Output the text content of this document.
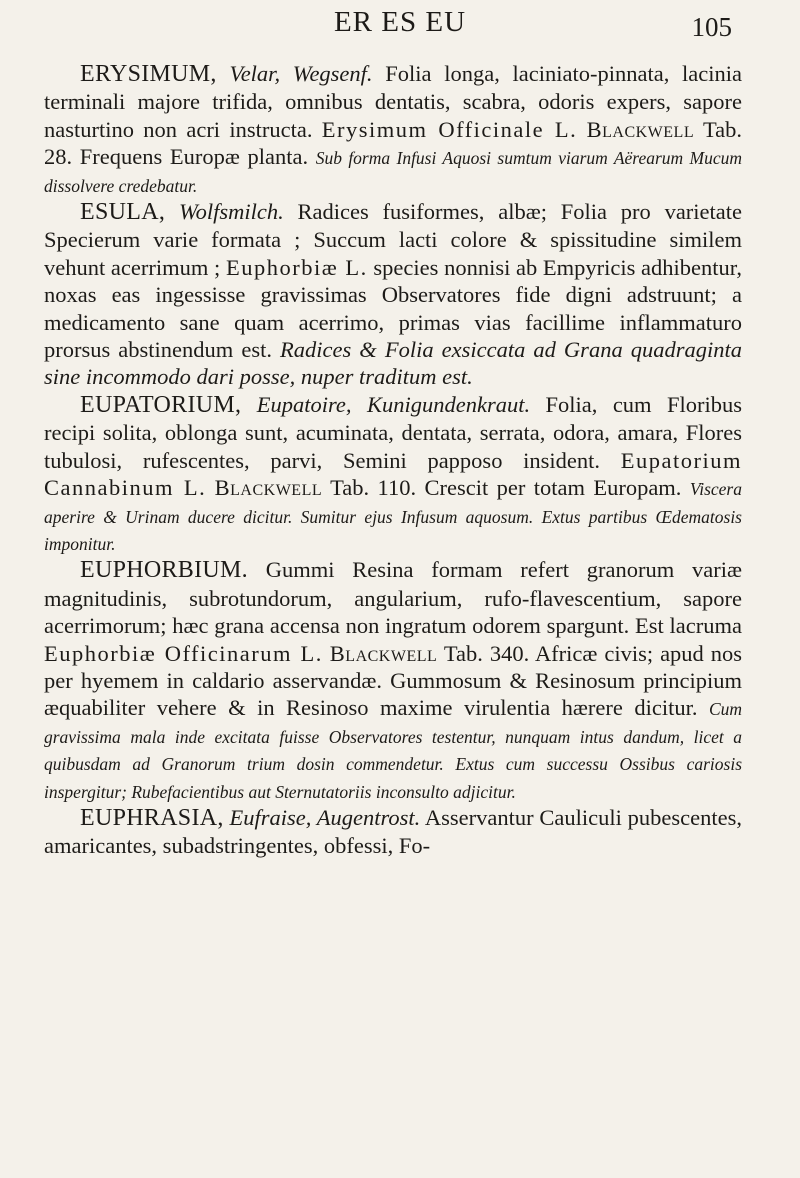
ER ES EU	105

ERYSIMUM, Velar, Wegsenf. Folia longa, laciniato-pinnata, lacinia terminali majore trifida, omnibus dentatis, scabra, odoris expers, sapore nasturtino non acri instructa. Erysimum Officinale L. Blackwell Tab. 28. Frequens Europæ planta. Sub forma Infusi Aquosi sumtum viarum Aërearum Mucum dissolvere credebatur.

ESULA, Wolfsmilch. Radices fusiformes, albæ; Folia pro varietate Specierum varie formata ; Succum lacti colore & spissitudine similem vehunt acerrimum ; Euphorbiæ L. species nonnisi ab Empyricis adhibentur, noxas eas ingessisse gravissimas Observatores fide digni adstruunt; a medicamento sane quam acerrimo, primas vias facillime inflammaturo prorsus abstinendum est. Radices & Folia exsiccata ad Grana quadraginta sine incommodo dari posse, nuper traditum est.

EUPATORIUM, Eupatoire, Kunigundenkraut. Folia, cum Floribus recipi solita, oblonga sunt, acuminata, dentata, serrata, odora, amara, Flores tubulosi, rufescentes, parvi, Semini papposo insident. Eupatorium Cannabinum L. Blackwell Tab. 110. Crescit per totam Europam. Viscera aperire & Urinam ducere dicitur. Sumitur ejus Infusum aquosum. Extus partibus Œdematosis imponitur.

EUPHORBIUM. Gummi Resina formam refert granorum variæ magnitudinis, subrotundorum, angularium, rufo-flavescentium, sapore acerrimorum; hæc grana accensa non ingratum odorem spargunt. Est lacruma Euphorbiæ Officinarum L. Blackwell Tab. 340. Africæ civis; apud nos per hyemem in caldario asservandæ. Gummosum & Resinosum principium æquabiliter vehere & in Resinoso maxime virulentia hærere dicitur. Cum gravissima mala inde excitata fuisse Observatores testentur, nunquam intus dandum, licet a quibusdam ad Granorum trium dosin commendetur. Extus cum successu Ossibus cariosis inspergitur; Rubefacientibus aut Sternutatoriis inconsulto adjicitur.

EUPHRASIA, Eufraise, Augentrost. Asservantur Cauliculi pubescentes, amaricantes, subadstringentes, obfessi, Fo-
